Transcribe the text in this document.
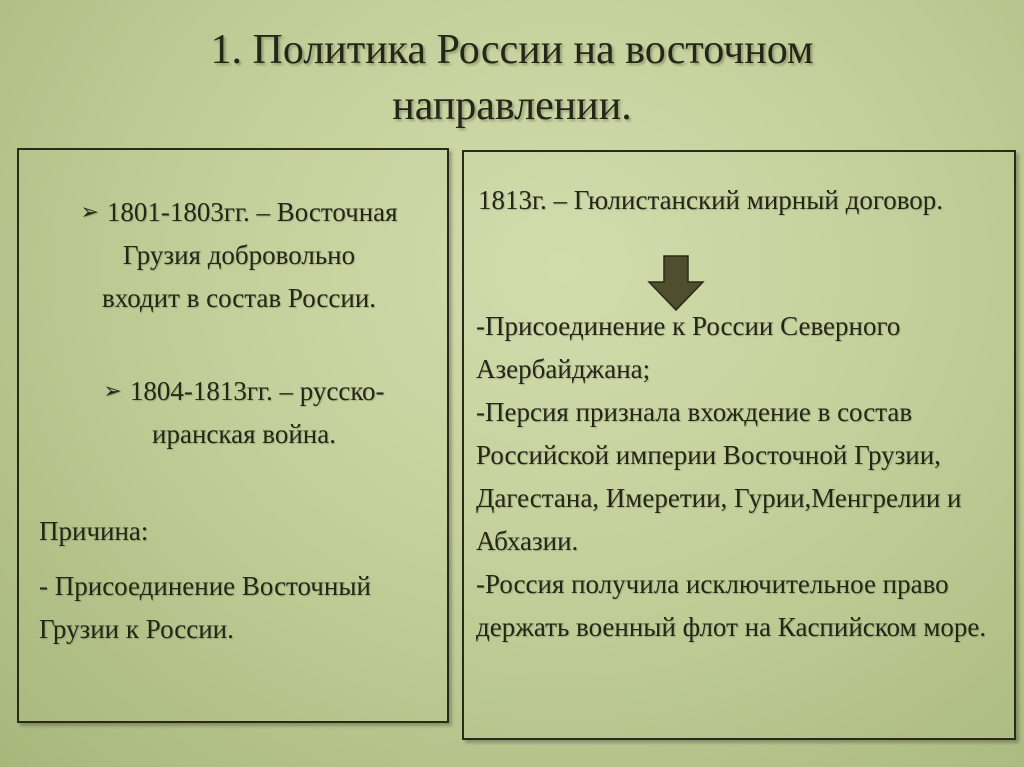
1. Политика России на восточном
направлении.
➢ 1801-1803гг. – Восточная
Грузия добровольно
входит в состав России.
➢ 1804-1813гг. – русско-
иранская война.
Причина:
- Присоединение Восточный Грузии к России.
1813г. – Гюлистанский мирный договор.
-Присоединение к России Северного Азербайджана;
-Персия признала вхождение в состав Российской империи Восточной Грузии, Дагестана, Имеретии, Гурии,Менгрелии и Абхазии.
-Россия получила исключительное право держать военный флот на Каспийском море.
